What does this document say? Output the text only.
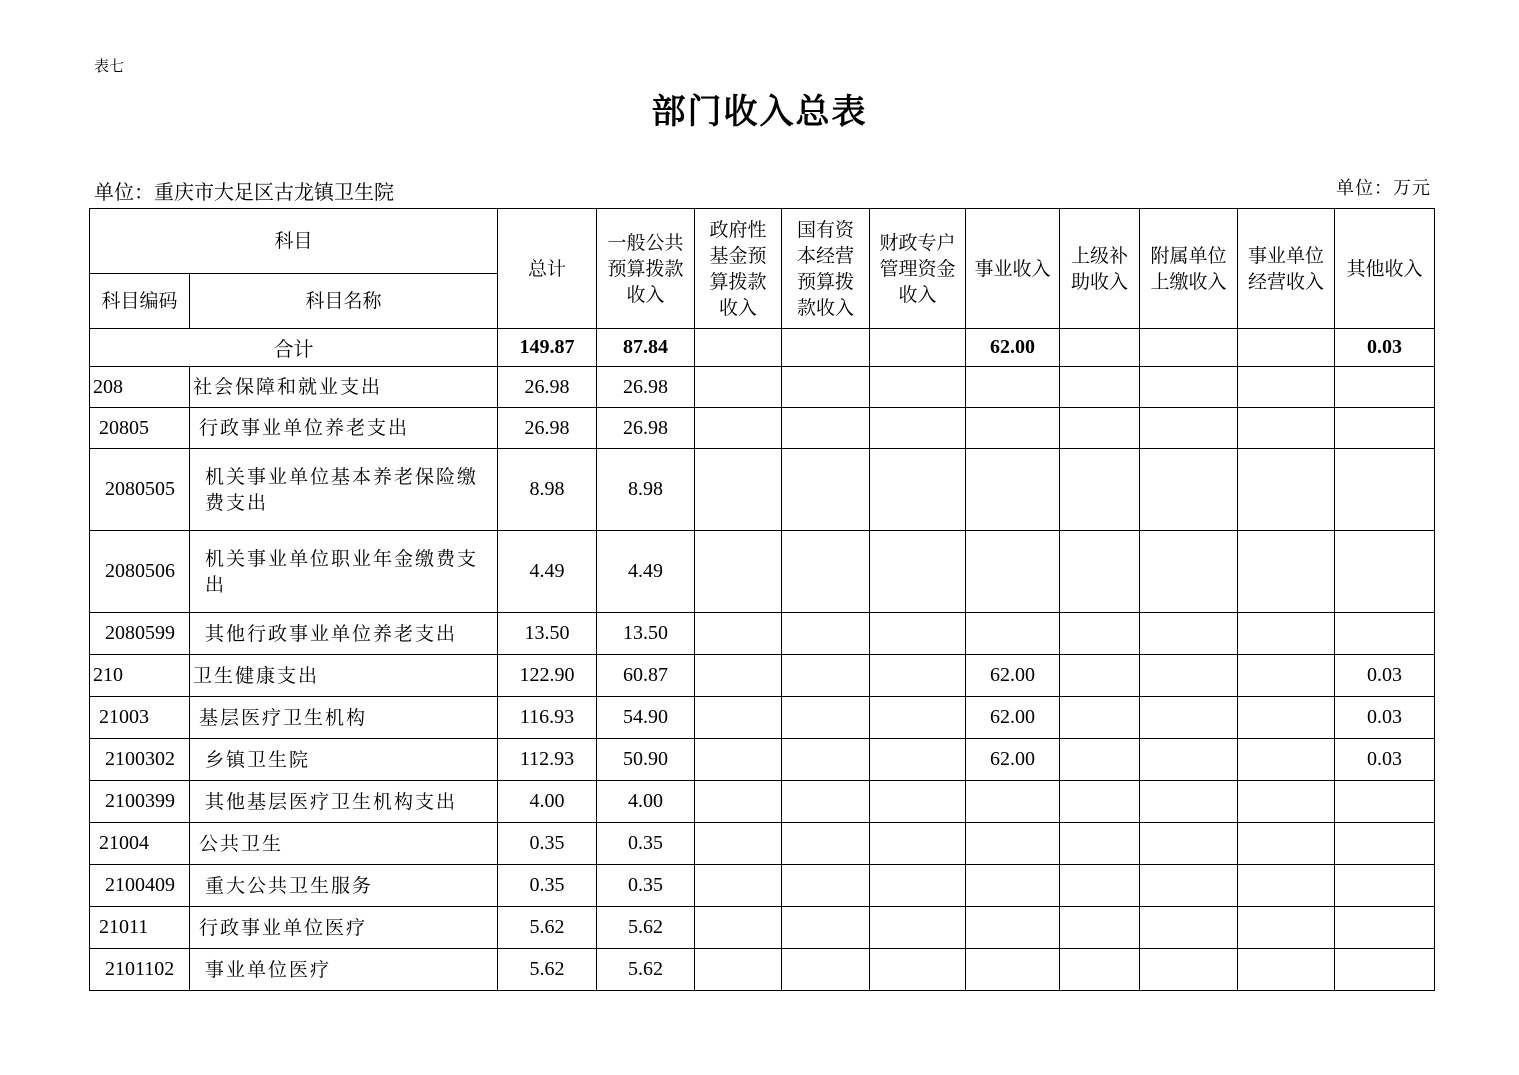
表七
部门收入总表
单位：重庆市大足区古龙镇卫生院	单位：万元
科目		总计	一般公共预算拨款收入	政府性基金预算拨款收入	国有资本经营预算拨款收入	财政专户管理资金收入	事业收入	上级补助收入	附属单位上缴收入	事业单位经营收入	其他收入
科目编码	科目名称										
合计		149.87	87.84				62.00				0.03
208	社会保障和就业支出	26.98	26.98								
20805	行政事业单位养老支出	26.98	26.98								
2080505	机关事业单位基本养老保险缴费支出	8.98	8.98								
2080506	机关事业单位职业年金缴费支出	4.49	4.49								
2080599	其他行政事业单位养老支出	13.50	13.50								
210	卫生健康支出	122.90	60.87				62.00				0.03
21003	基层医疗卫生机构	116.93	54.90				62.00				0.03
2100302	乡镇卫生院	112.93	50.90				62.00				0.03
2100399	其他基层医疗卫生机构支出	4.00	4.00								
21004	公共卫生	0.35	0.35								
2100409	重大公共卫生服务	0.35	0.35								
21011	行政事业单位医疗	5.62	5.62								
2101102	事业单位医疗	5.62	5.62								
